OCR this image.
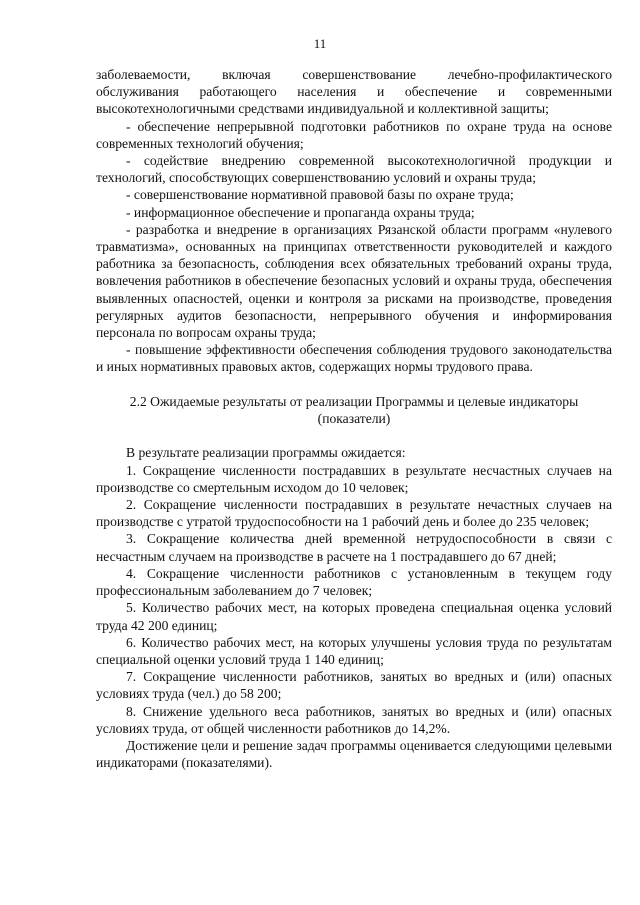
11

заболеваемости, включая совершенствование лечебно-профилактического обслуживания работающего населения и обеспечение и современными высокотехнологичными средствами индивидуальной и коллективной защиты;

- обеспечение непрерывной подготовки работников по охране труда на основе современных технологий обучения;

- содействие внедрению современной высокотехнологичной продукции и технологий, способствующих совершенствованию условий и охраны труда;

- совершенствование нормативной правовой базы по охране труда;

- информационное обеспечение и пропаганда охраны труда;

- разработка и внедрение в организациях Рязанской области программ «нулевого травматизма», основанных на принципах ответственности руководителей и каждого работника за безопасность, соблюдения всех обязательных требований охраны труда, вовлечения работников в обеспечение безопасных условий и охраны труда, обеспечения выявленных опасностей, оценки и контроля за рисками на производстве, проведения регулярных аудитов безопасности, непрерывного обучения и информирования персонала по вопросам охраны труда;

- повышение эффективности обеспечения соблюдения трудового законодательства и иных нормативных правовых актов, содержащих нормы трудового права.

2.2 Ожидаемые результаты от реализации Программы и целевые индикаторы
(показатели)

В результате реализации программы ожидается:

1. Сокращение численности пострадавших в результате несчастных случаев на производстве со смертельным исходом до 10 человек;

2. Сокращение численности пострадавших в результате нечастных случаев на производстве с утратой трудоспособности на 1 рабочий день и более до 235 человек;

3. Сокращение количества дней временной нетрудоспособности в связи с несчастным случаем на производстве в расчете на 1 пострадавшего до 67 дней;

4. Сокращение численности работников с установленным в текущем году профессиональным заболеванием до 7 человек;

5. Количество рабочих мест, на которых проведена специальная оценка условий труда 42 200 единиц;

6. Количество рабочих мест, на которых улучшены условия труда по результатам специальной оценки условий труда 1 140 единиц;

7. Сокращение численности работников, занятых во вредных и (или) опасных условиях труда (чел.) до 58 200;

8. Снижение удельного веса работников, занятых во вредных и (или) опасных условиях труда, от общей численности работников до 14,2%.

Достижение цели и решение задач программы оценивается следующими целевыми индикаторами (показателями).
